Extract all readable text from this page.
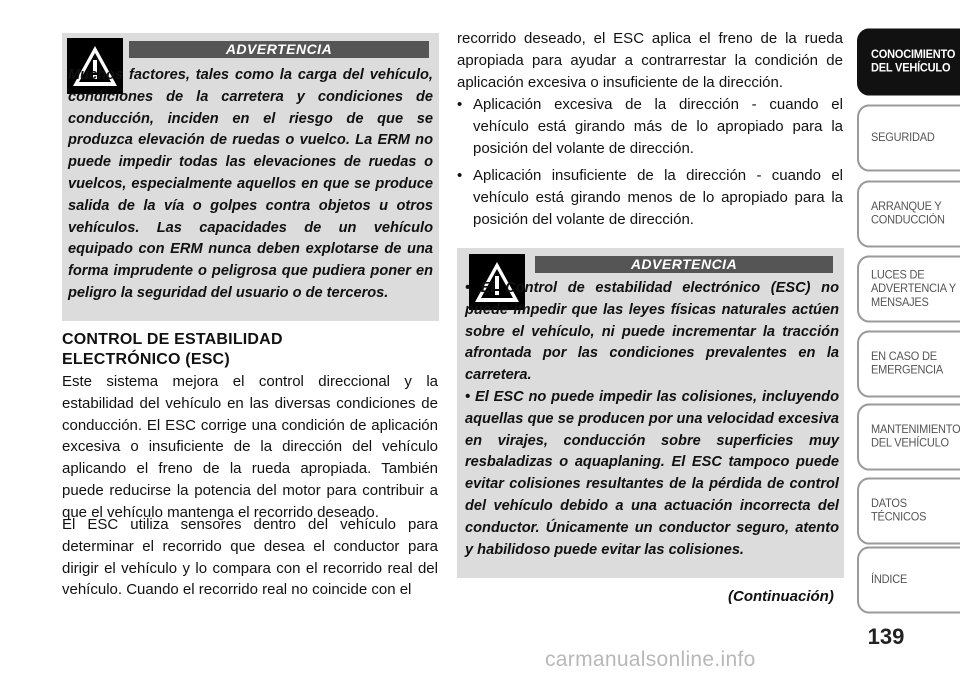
ADVERTENCIA

Muchos factores, tales como la carga del vehículo, condiciones de la carretera y condiciones de conducción, inciden en el riesgo de que se produzca elevación de ruedas o vuelco. La ERM no puede impedir todas las elevaciones de ruedas o vuelcos, especialmente aquellos en que se produce salida de la vía o golpes contra objetos u otros vehículos. Las capacidades de un vehículo equipado con ERM nunca deben explotarse de una forma imprudente o peligrosa que pudiera poner en peligro la seguridad del usuario o de terceros.

CONTROL DE ESTABILIDAD
ELECTRÓNICO (ESC)

Este sistema mejora el control direccional y la estabilidad del vehículo en las diversas condiciones de conducción. El ESC corrige una condición de aplicación excesiva o insuficiente de la dirección del vehículo aplicando el freno de la rueda apropiada. También puede reducirse la potencia del motor para contribuir a que el vehículo mantenga el recorrido deseado.

El ESC utiliza sensores dentro del vehículo para determinar el recorrido que desea el conductor para dirigir el vehículo y lo compara con el recorrido real del vehículo. Cuando el recorrido real no coincide con el

• Aplicación excesiva de la dirección - cuando el vehículo está girando más de lo apropiado para la posición del volante de dirección.
• Aplicación insuficiente de la dirección - cuando el vehículo está girando menos de lo apropiado para la posición del volante de dirección.
ADVERTENCIA

• El Control de estabilidad electrónico (ESC) no puede impedir que las leyes físicas naturales actúen sobre el vehículo, ni puede incrementar la tracción afrontada por las condiciones prevalentes en la carretera.

• El ESC no puede impedir las colisiones, incluyendo aquellas que se producen por una velocidad excesiva en virajes, conducción sobre superficies muy resbaladizas o aquaplaning. El ESC tampoco puede evitar colisiones resultantes de la pérdida de control del vehículo debido a una actuación incorrecta del conductor. Únicamente un conductor seguro, atento y habilidoso puede evitar las colisiones.

(Continuación)
CONOCIMIENTO
DEL VEHÍCULO
SEGURIDAD
ARRANQUE Y
CONDUCCIÓN
LUCES DE
ADVERTENCIA Y
MENSAJES
EN CASO DE
EMERGENCIA
MANTENIMIENTO
DEL VEHÍCULO
DATOS
TÉCNICOS
ÍNDICE
139
carmanualsonline.info

recorrido deseado, el ESC aplica el freno de la rueda apropiada para ayudar a contrarrestar la condición de aplicación excesiva o insuficiente de la dirección.
